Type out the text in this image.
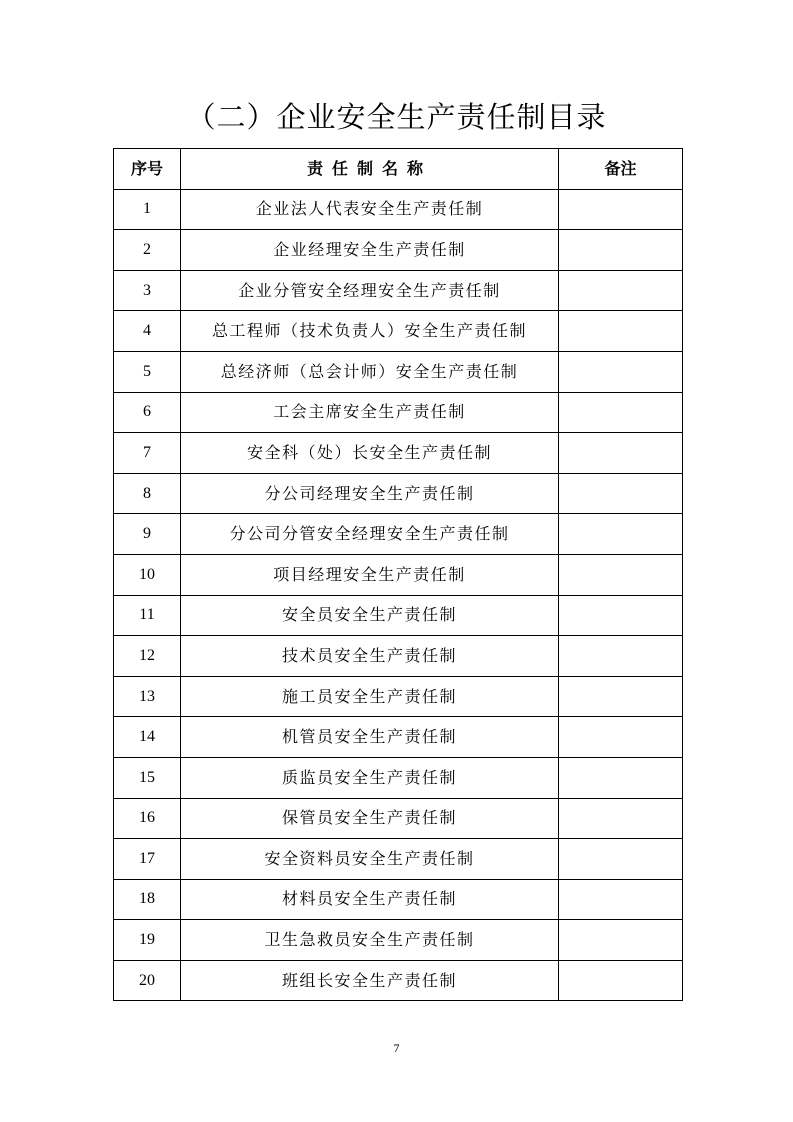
（二）企业安全生产责任制目录
序号	责任制名称	备注
1	企业法人代表安全生产责任制	
2	企业经理安全生产责任制	
3	企业分管安全经理安全生产责任制	
4	总工程师（技术负责人）安全生产责任制	
5	总经济师（总会计师）安全生产责任制	
6	工会主席安全生产责任制	
7	安全科（处）长安全生产责任制	
8	分公司经理安全生产责任制	
9	分公司分管安全经理安全生产责任制	
10	项目经理安全生产责任制	
11	安全员安全生产责任制	
12	技术员安全生产责任制	
13	施工员安全生产责任制	
14	机管员安全生产责任制	
15	质监员安全生产责任制	
16	保管员安全生产责任制	
17	安全资料员安全生产责任制	
18	材料员安全生产责任制	
19	卫生急救员安全生产责任制	
20	班组长安全生产责任制	
7
